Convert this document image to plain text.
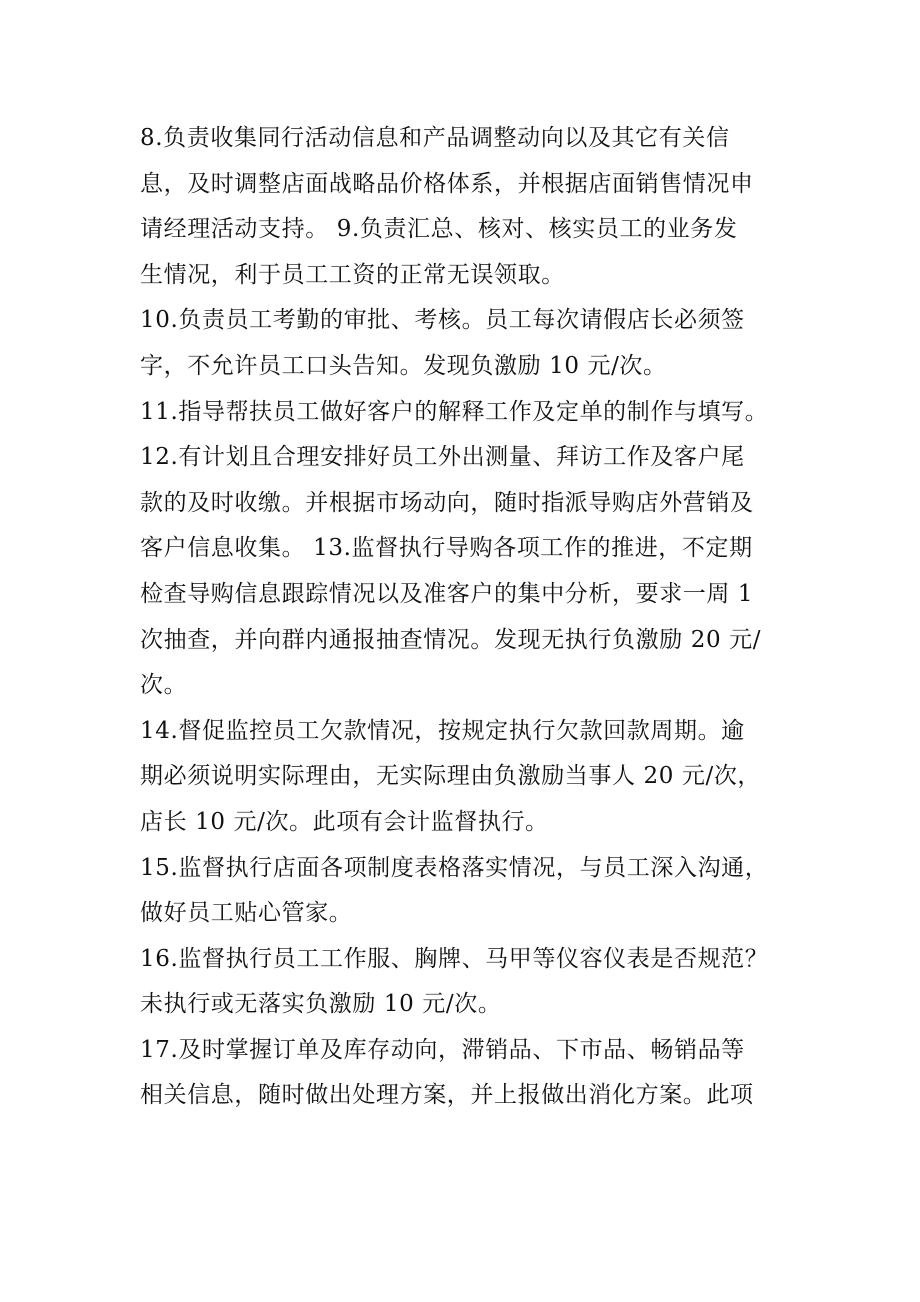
8.负责收集同行活动信息和产品调整动向以及其它有关信
息，及时调整店面战略品价格体系，并根据店面销售情况申
请经理活动支持。 9.负责汇总、核对、核实员工的业务发
生情况，利于员工工资的正常无误领取。
10.负责员工考勤的审批、考核。员工每次请假店长必须签
字，不允许员工口头告知。发现负激励 10 元/次。
11.指导帮扶员工做好客户的解释工作及定单的制作与填写。
12.有计划且合理安排好员工外出测量、拜访工作及客户尾
款的及时收缴。并根据市场动向，随时指派导购店外营销及
客户信息收集。 13.监督执行导购各项工作的推进，不定期
检查导购信息跟踪情况以及准客户的集中分析，要求一周 1
次抽查，并向群内通报抽查情况。发现无执行负激励 20 元/
次。
14.督促监控员工欠款情况，按规定执行欠款回款周期。逾
期必须说明实际理由，无实际理由负激励当事人 20 元/次，
店长 10 元/次。此项有会计监督执行。
15.监督执行店面各项制度表格落实情况，与员工深入沟通，
做好员工贴心管家。
16.监督执行员工工作服、胸牌、马甲等仪容仪表是否规范？
未执行或无落实负激励 10 元/次。
17.及时掌握订单及库存动向，滞销品、下市品、畅销品等
相关信息，随时做出处理方案，并上报做出消化方案。此项
